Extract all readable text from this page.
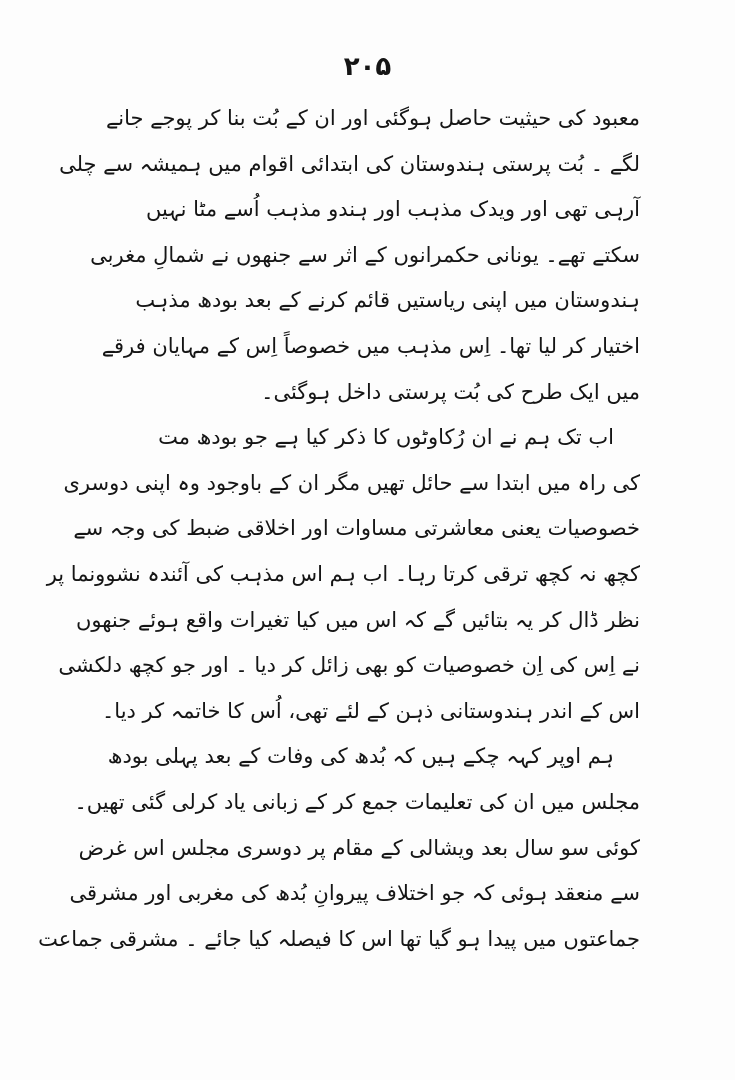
۲۰۵
معبود کی حیثیت حاصل ہوگئی اور ان کے بُت بنا کر پوجے جانے
لگے ۔ بُت پرستی ہندوستان کی ابتدائی اقوام میں ہمیشہ سے چلی
آرہی تھی اور ویدک مذہب اور ہندو مذہب اُسے مٹا نہیں
سکتے تھے۔ یونانی حکمرانوں کے اثر سے جنھوں نے شمالِ مغربی
ہندوستان میں اپنی ریاستیں قائم کرنے کے بعد بودھ مذہب
اختیار کر لیا تھا۔ اِس مذہب میں خصوصاً اِس کے مہایان فرقے
میں ایک طرح کی بُت پرستی داخل ہوگئی۔
اب تک ہم نے ان رُکاوٹوں کا ذکر کیا ہے جو بودھ مت
کی راہ میں ابتدا سے حائل تھیں مگر ان کے باوجود وہ اپنی دوسری
خصوصیات یعنی معاشرتی مساوات اور اخلاقی ضبط کی وجہ سے
کچھ نہ کچھ ترقی کرتا رہا۔ اب ہم اس مذہب کی آئندہ نشوونما پر
نظر ڈال کر یہ بتائیں گے کہ اس میں کیا تغیرات واقع ہوئے جنھوں
نے اِس کی اِن خصوصیات کو بھی زائل کر دیا ۔ اور جو کچھ دلکشی
اس کے اندر ہندوستانی ذہن کے لئے تھی، اُس کا خاتمہ کر دیا۔
ہم اوپر کہہ چکے ہیں کہ بُدھ کی وفات کے بعد پہلی بودھ
مجلس میں ان کی تعلیمات جمع کر کے زبانی یاد کرلی گئی تھیں۔
کوئی سو سال بعد ویشالی کے مقام پر دوسری مجلس اس غرض
سے منعقد ہوئی کہ جو اختلاف پیروانِ بُدھ کی مغربی اور مشرقی
جماعتوں میں پیدا ہو گیا تھا اس کا فیصلہ کیا جائے ۔ مشرقی جماعت
